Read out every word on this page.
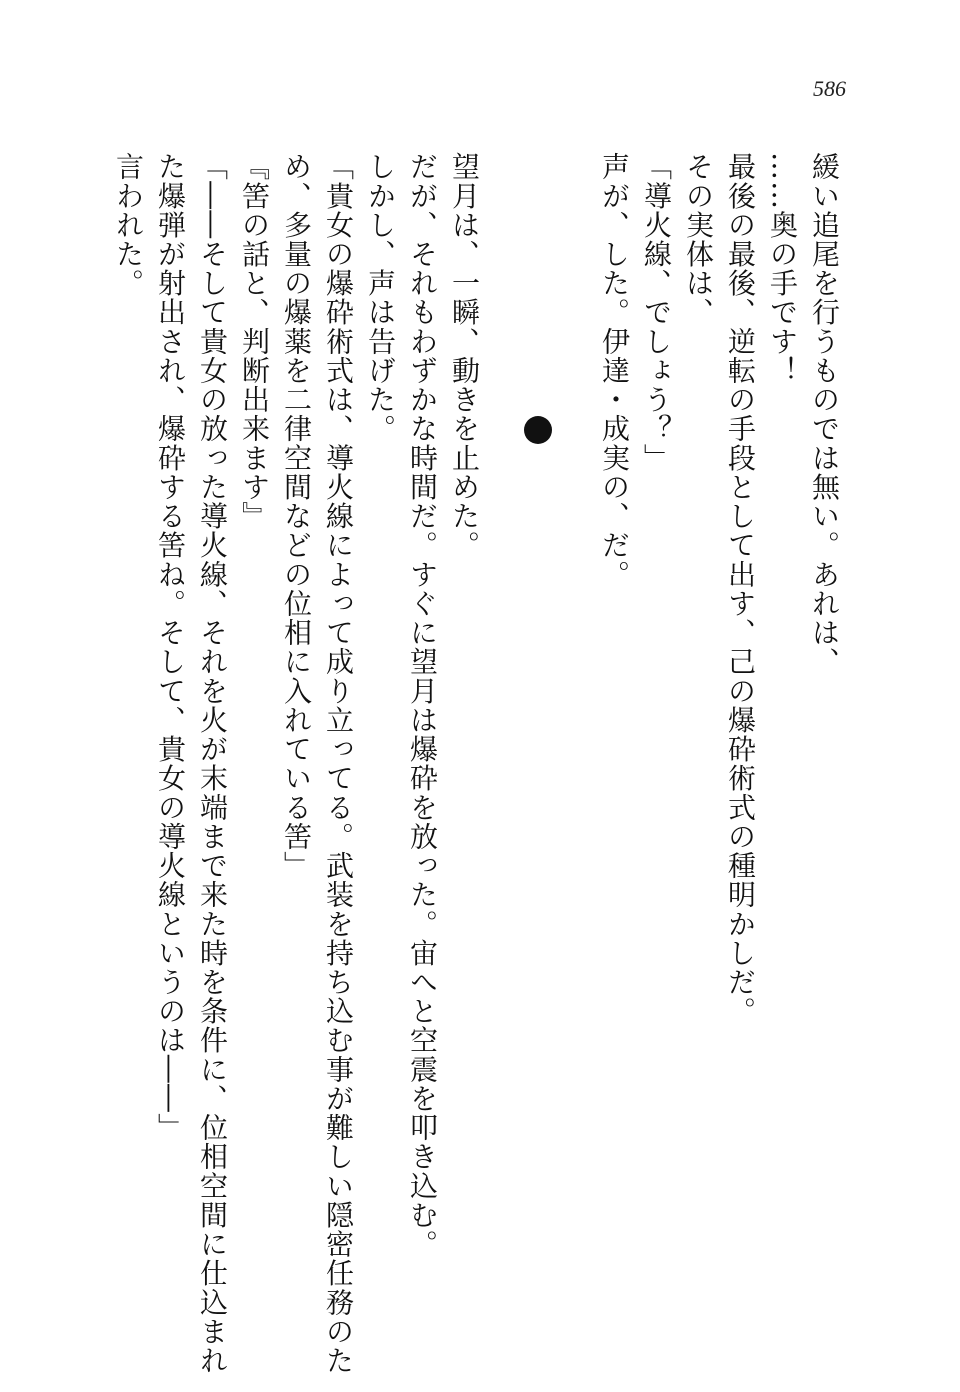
586
緩い追尾を行うものでは無い。あれは、
……奥の手です！
最後の最後、逆転の手段として出す、己の爆砕術式の種明かしだ。
その実体は、
「導火線、でしょう？」
声が、した。伊達・成実の、だ。
望月は、一瞬、動きを止めた。
だが、それもわずかな時間だ。すぐに望月は爆砕を放った。宙へと空震を叩き込む。
しかし、声は告げた。
「貴女の爆砕術式は、導火線によって成り立ってる。武装を持ち込む事が難しい隠密任務のた
め、多量の爆薬を二律空間などの位相に入れている筈」
『筈の話と、判断出来ます』
「――そして貴女の放った導火線、それを火が末端まで来た時を条件に、位相空間に仕込まれ
た爆弾が射出され、爆砕する筈ね。そして、貴女の導火線というのは――」
言われた。
